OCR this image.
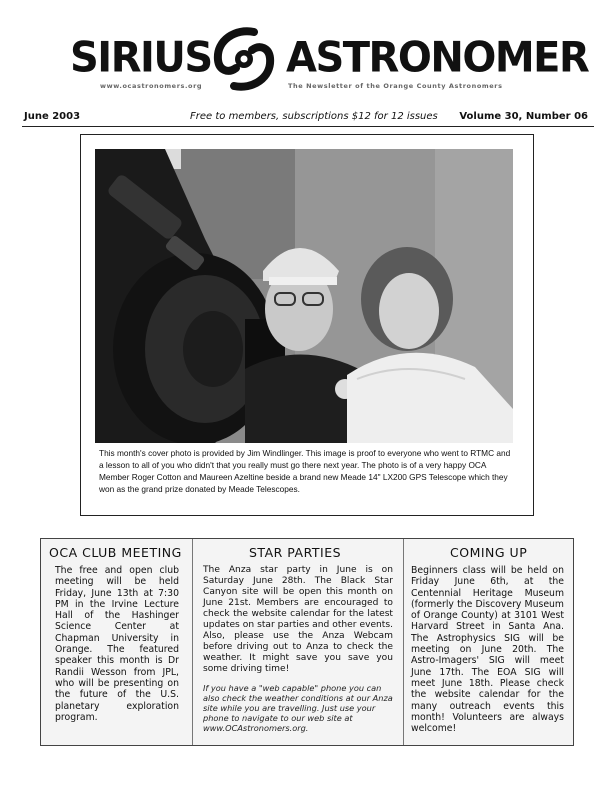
SIRIUS ASTRONOMER
www.ocastronomers.org	The Newsletter of the Orange County Astronomers
June 2003	Free to members, subscriptions $12 for 12 issues Volume 30, Number 06
This month's cover photo is provided by Jim Windlinger. This image is proof to everyone who went to RTMC and a lesson to all of you who didn't that you really must go there next year. The photo is of a very happy OCA Member Roger Cotton and Maureen Azeltine beside a brand new Meade 14" LX200 GPS Telescope which they won as the grand prize donated by Meade Telescopes.
OCA CLUB MEETING
The free and open club meeting will be held Friday, June 13th at 7:30 PM in the Irvine Lecture Hall of the Hashinger Science Center at Chapman University in Orange. The featured speaker this month is Dr Randii Wesson from JPL, who will be presenting on the future of the U.S. planetary exploration program.
STAR PARTIES
The Anza star party in June is on Saturday June 28th. The Black Star Canyon site will be open this month on June 21st. Members are encouraged to check the website calendar for the latest updates on star parties and other events. Also, please use the Anza Webcam before driving out to Anza to check the weather. It might save you save you some driving time!
If you have a "web capable" phone you can also check the weather conditions at our Anza site while you are travelling. Just use your phone to navigate to our web site at www.OCAstronomers.org.
COMING UP
Beginners class will be held on Friday June 6th, at the Centennial Heritage Museum (formerly the Discovery Museum of Orange County) at 3101 West Harvard Street in Santa Ana. The Astrophysics SIG will be meeting on June 20th. The Astro-Imagers' SIG will meet June 17th. The EOA SIG will meet June 18th. Please check the website calendar for the many outreach events this month! Volunteers are always welcome!
